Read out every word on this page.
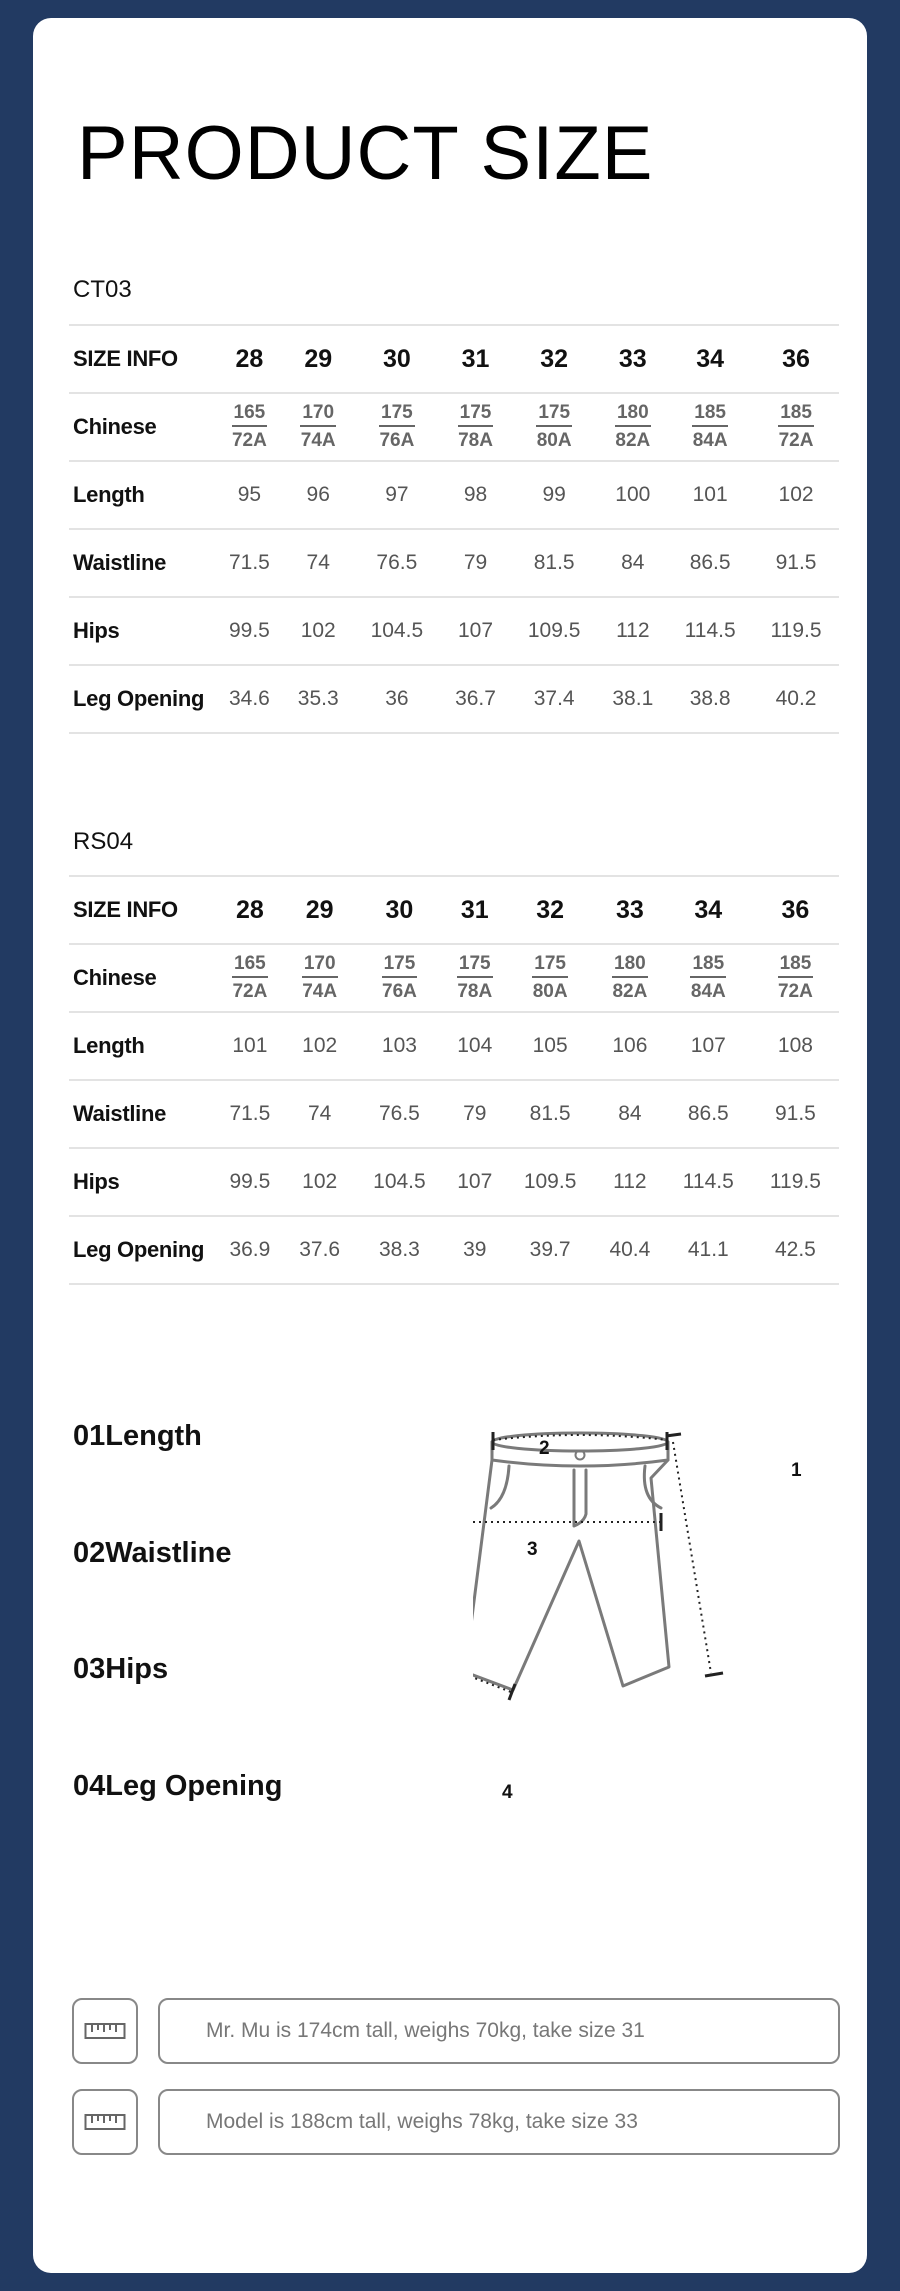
PRODUCT SIZE
CT03
SIZE INFO	28	29	30	31	32	33	34	36
Chinese	$\frac{165}{72A}$	$\frac{170}{74A}$	$\frac{175}{76A}$	$\frac{175}{78A}$	$\frac{175}{80A}$	$\frac{180}{82A}$	$\frac{185}{84A}$	$\frac{185}{72A}$

Length	95	96	97	98	99	100	101	102
Waistline	71.5	74	76.5	79	81.5	84	86.5	91.5
Hips	99.5	102	104.5	107	109.5	112	114.5	119.5
Leg Opening	34.6	35.3	36	36.7	37.4	38.1	38.8	40.2
RS04
SIZE INFO	28	29	30	31	32	33	34	36
Chinese	$\frac{165}{72A}$	$\frac{170}{74A}$	$\frac{175}{76A}$	$\frac{175}{78A}$	$\frac{175}{80A}$	$\frac{180}{82A}$	$\frac{185}{84A}$	$\frac{185}{72A}$

Length	101	102	103	104	105	106	107	108
Waistline	71.5	74	76.5	79	81.5	84	86.5	91.5
Hips	99.5	102	104.5	107	109.5	112	114.5	119.5
Leg Opening	36.9	37.6	38.3	39	39.7	40.4	41.1	42.5
01Length
02Waistline
03Hips
04Leg Opening
1
2
3
4
Mr. Mu is 174cm tall, weighs 70kg, take size 31
Model is 188cm tall, weighs 78kg, take size 33
